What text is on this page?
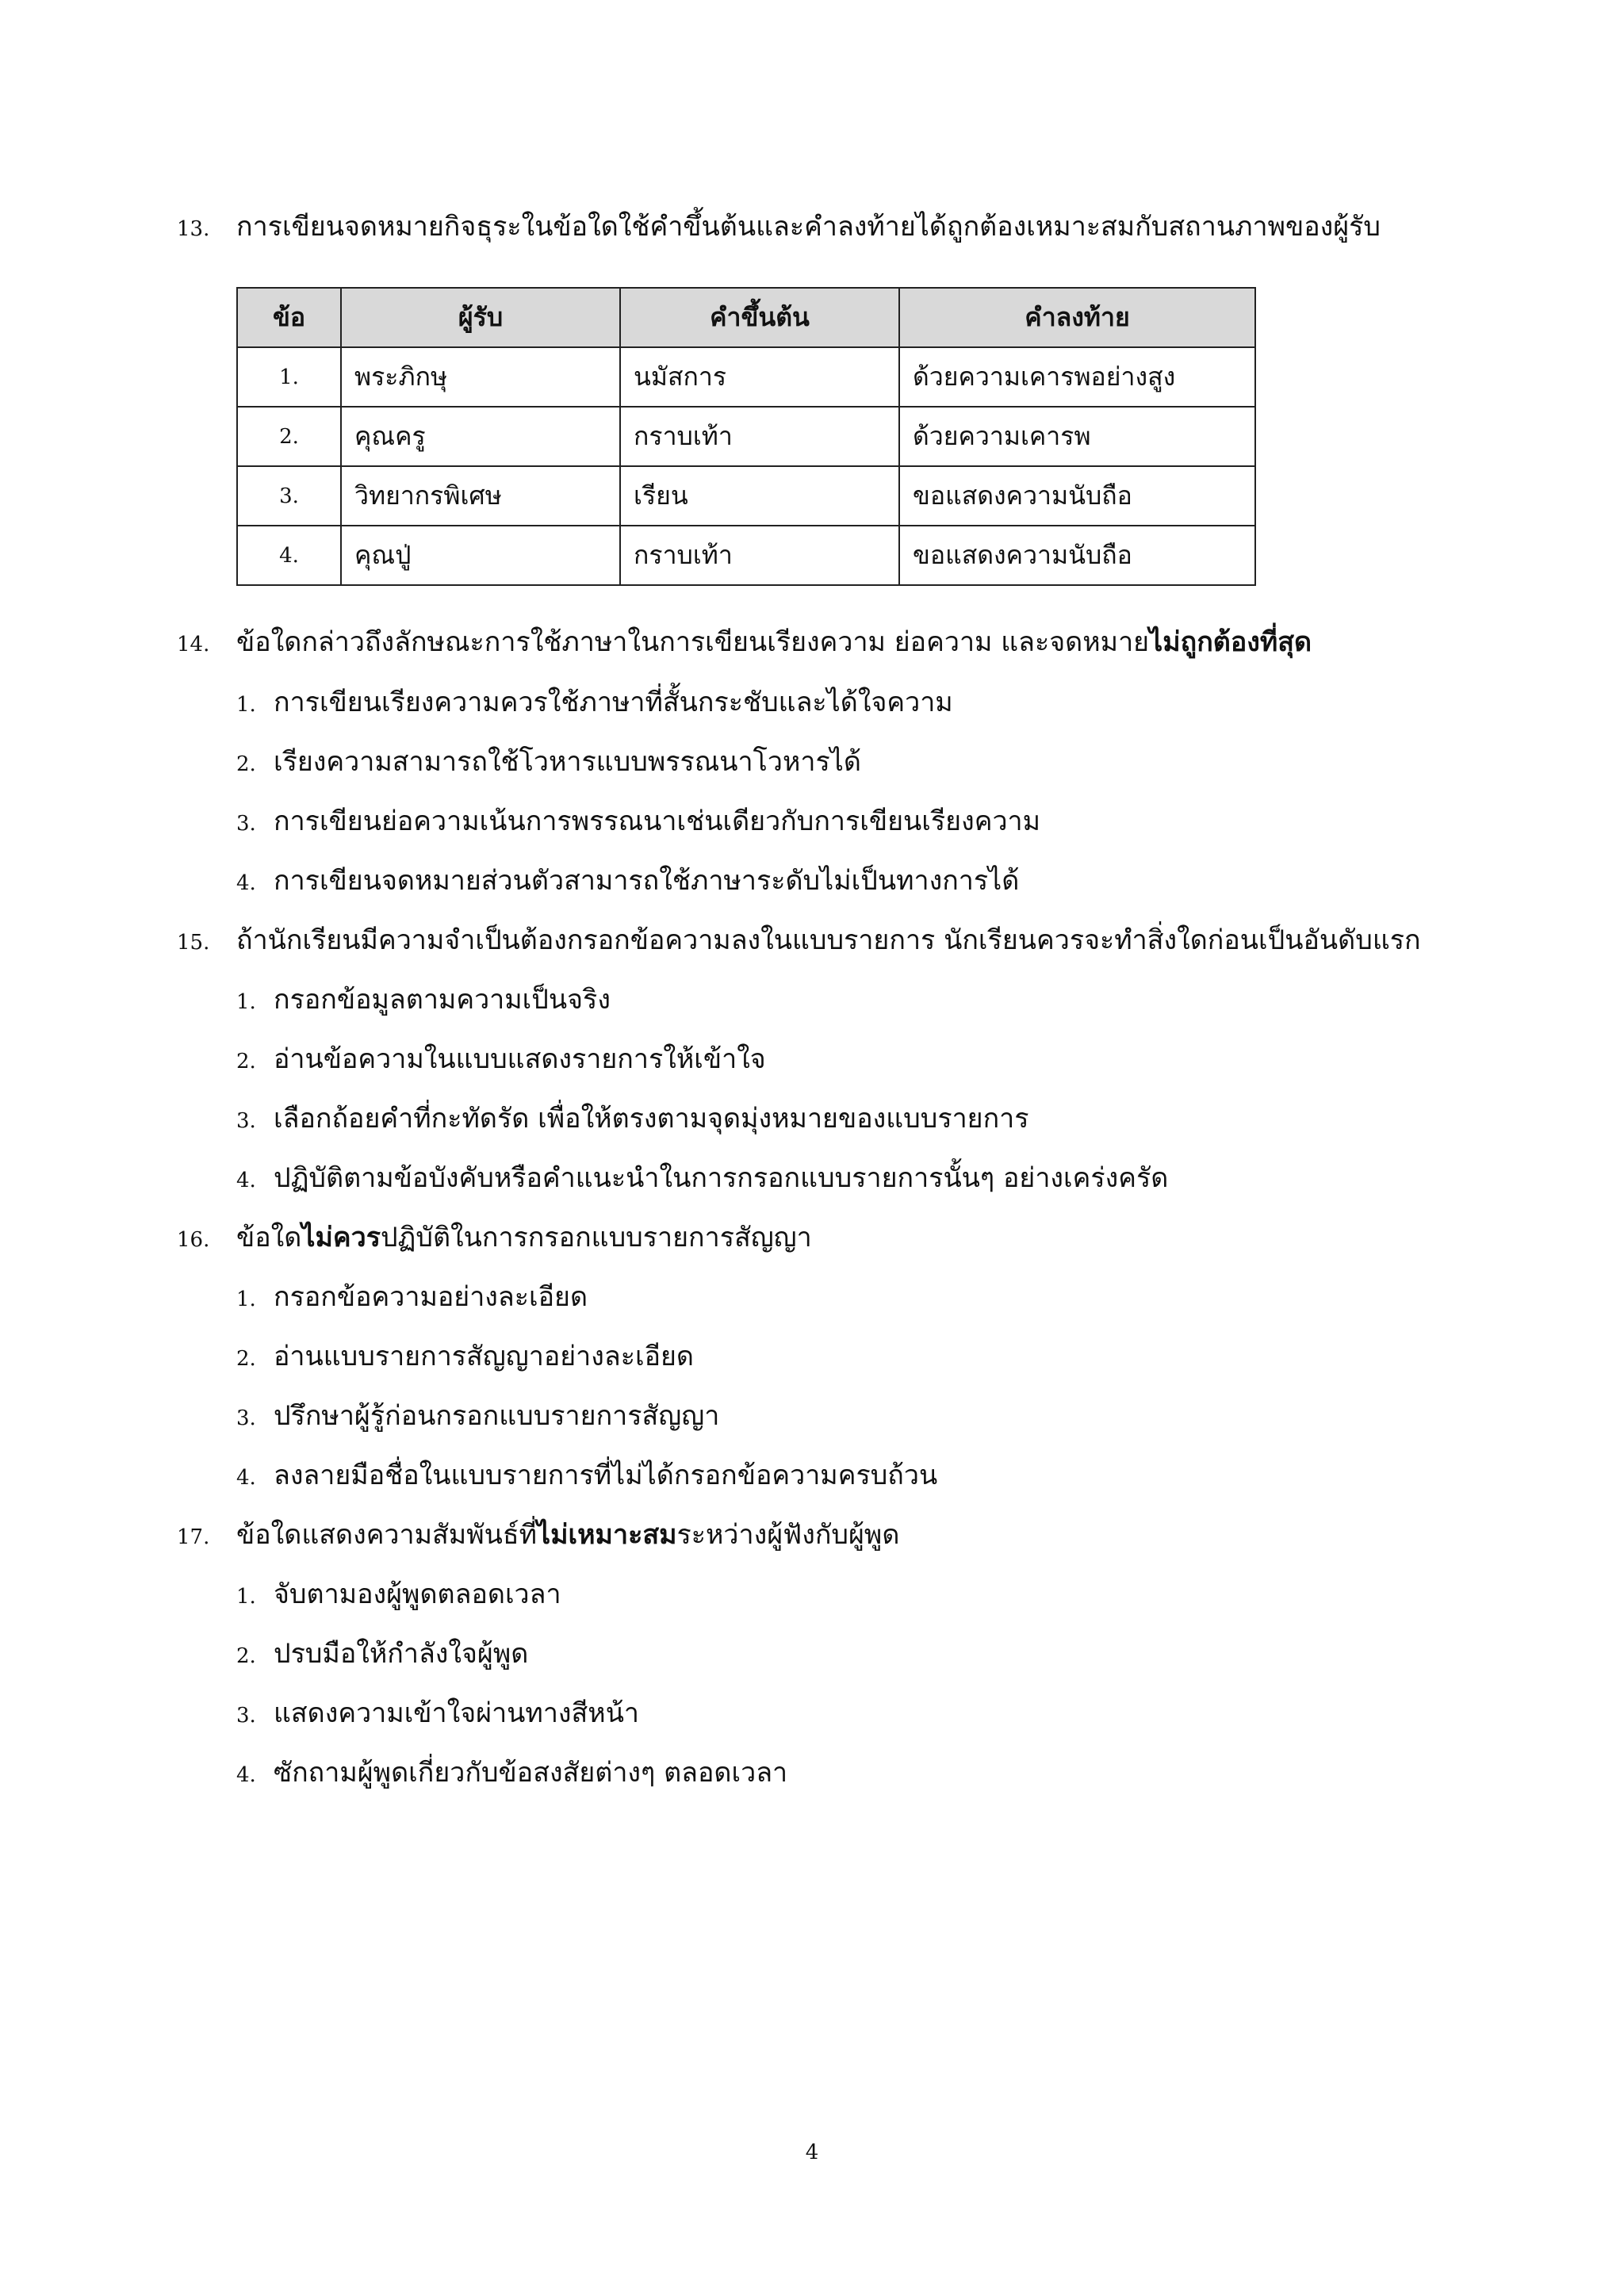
13. การเขียนจดหมายกิจธุระในข้อใดใช้คำขึ้นต้นและคำลงท้ายได้ถูกต้องเหมาะสมกับสถานภาพของผู้รับ
ข้อ	ผู้รับ	คำขึ้นต้น	คำลงท้าย
1.	พระภิกษุ	นมัสการ	ด้วยความเคารพอย่างสูง
2.	คุณครู	กราบเท้า	ด้วยความเคารพ
3.	วิทยากรพิเศษ	เรียน	ขอแสดงความนับถือ
4.	คุณปู่	กราบเท้า	ขอแสดงความนับถือ
14. ข้อใดกล่าวถึงลักษณะการใช้ภาษาในการเขียนเรียงความ ย่อความ และจดหมายไม่ถูกต้องที่สุด
1. การเขียนเรียงความควรใช้ภาษาที่สั้นกระชับและได้ใจความ
2. เรียงความสามารถใช้โวหารแบบพรรณนาโวหารได้
3. การเขียนย่อความเน้นการพรรณนาเช่นเดียวกับการเขียนเรียงความ
4. การเขียนจดหมายส่วนตัวสามารถใช้ภาษาระดับไม่เป็นทางการได้
15. ถ้านักเรียนมีความจำเป็นต้องกรอกข้อความลงในแบบรายการ นักเรียนควรจะทำสิ่งใดก่อนเป็นอันดับแรก
1. กรอกข้อมูลตามความเป็นจริง
2. อ่านข้อความในแบบแสดงรายการให้เข้าใจ
3. เลือกถ้อยคำที่กะทัดรัด เพื่อให้ตรงตามจุดมุ่งหมายของแบบรายการ
4. ปฏิบัติตามข้อบังคับหรือคำแนะนำในการกรอกแบบรายการนั้นๆ อย่างเคร่งครัด
16. ข้อใดไม่ควรปฏิบัติในการกรอกแบบรายการสัญญา
1. กรอกข้อความอย่างละเอียด
2. อ่านแบบรายการสัญญาอย่างละเอียด
3. ปรึกษาผู้รู้ก่อนกรอกแบบรายการสัญญา
4. ลงลายมือชื่อในแบบรายการที่ไม่ได้กรอกข้อความครบถ้วน
17. ข้อใดแสดงความสัมพันธ์ที่ไม่เหมาะสมระหว่างผู้ฟังกับผู้พูด
1. จับตามองผู้พูดตลอดเวลา
2. ปรบมือให้กำลังใจผู้พูด
3. แสดงความเข้าใจผ่านทางสีหน้า
4. ซักถามผู้พูดเกี่ยวกับข้อสงสัยต่างๆ ตลอดเวลา
4
